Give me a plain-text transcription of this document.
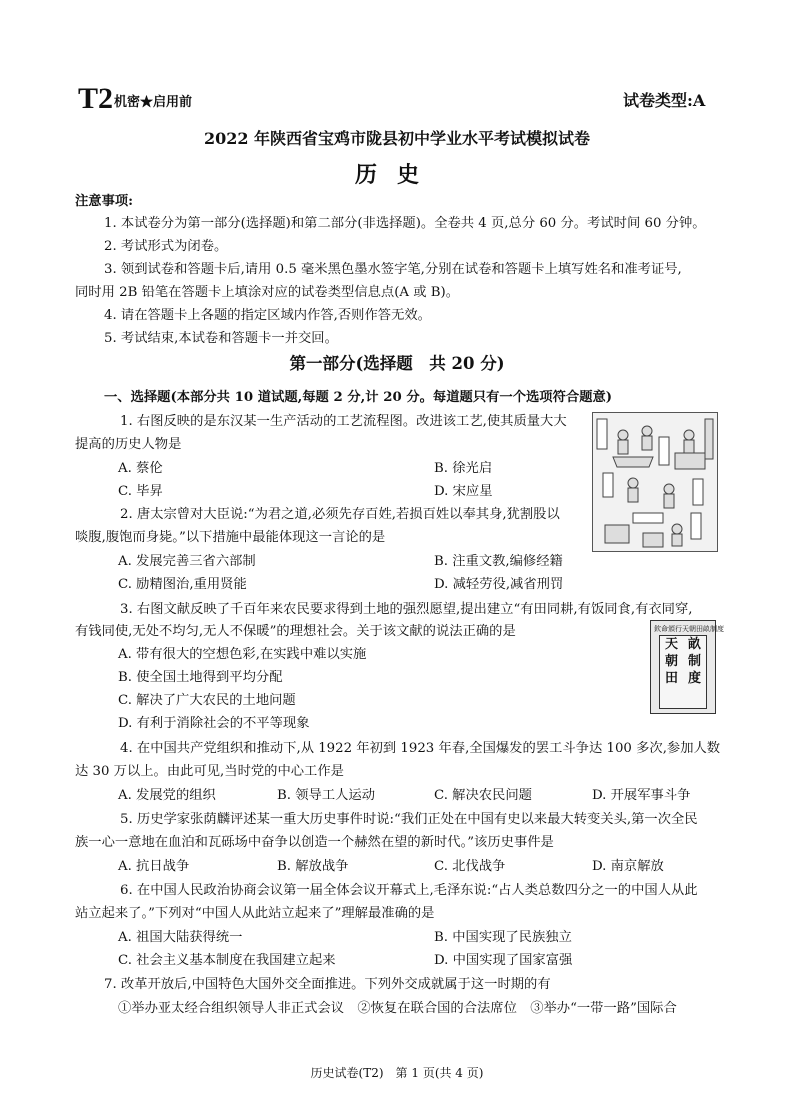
T2 机密★启用前	试卷类型:A
2022 年陕西省宝鸡市陇县初中学业水平考试模拟试卷
历史
注意事项:
1. 本试卷分为第一部分(选择题)和第二部分(非选择题)。全卷共 4 页,总分 60 分。考试时间 60 分钟。
2. 考试形式为闭卷。
3. 领到试卷和答题卡后,请用 0.5 毫米黑色墨水签字笔,分别在试卷和答题卡上填写姓名和准考证号,
同时用 2B 铅笔在答题卡上填涂对应的试卷类型信息点(A 或 B)。
4. 请在答题卡上各题的指定区域内作答,否则作答无效。
5. 考试结束,本试卷和答题卡一并交回。
第一部分(选择题　共 20 分)
一、选择题(本部分共 10 道试题,每题 2 分,计 20 分。每道题只有一个选项符合题意)
1. 右图反映的是东汉某一生产活动的工艺流程图。改进该工艺,使其质量大大
提高的历史人物是
A. 蔡伦	B. 徐光启
C. 毕昇	D. 宋应星
2. 唐太宗曾对大臣说:“为君之道,必须先存百姓,若损百姓以奉其身,犹割股以
啖腹,腹饱而身毙。”以下措施中最能体现这一言论的是
A. 发展完善三省六部制	B. 注重文教,编修经籍
C. 励精图治,重用贤能	D. 减轻劳役,减省刑罚
3. 右图文献反映了千百年来农民要求得到土地的强烈愿望,提出建立“有田同耕,有饭同食,有衣同穿,
有钱同使,无处不均匀,无人不保暖”的理想社会。关于该文献的说法正确的是
A. 带有很大的空想色彩,在实践中难以实施
B. 使全国土地得到平均分配
C. 解决了广大农民的土地问题
D. 有利于消除社会的不平等现象
欽命頒行天朝田畝制度
天
朝
田
畝
制
度
4. 在中国共产党组织和推动下,从 1922 年初到 1923 年春,全国爆发的罢工斗争达 100 多次,参加人数
达 30 万以上。由此可见,当时党的中心工作是
A. 发展党的组织	B. 领导工人运动	C. 解决农民问题	D. 开展军事斗争
5. 历史学家张荫麟评述某一重大历史事件时说:“我们正处在中国有史以来最大转变关头,第一次全民
族一心一意地在血泊和瓦砾场中奋争以创造一个赫然在望的新时代。”该历史事件是
A. 抗日战争	B. 解放战争	C. 北伐战争	D. 南京解放
6. 在中国人民政治协商会议第一届全体会议开幕式上,毛泽东说:“占人类总数四分之一的中国人从此
站立起来了。”下列对“中国人从此站立起来了”理解最准确的是
A. 祖国大陆获得统一	B. 中国实现了民族独立
C. 社会主义基本制度在我国建立起来	D. 中国实现了国家富强
7. 改革开放后,中国特色大国外交全面推进。下列外交成就属于这一时期的有
①举办亚太经合组织领导人非正式会议　②恢复在联合国的合法席位　③举办“一带一路”国际合
历史试卷(T2)　第 1 页(共 4 页)
